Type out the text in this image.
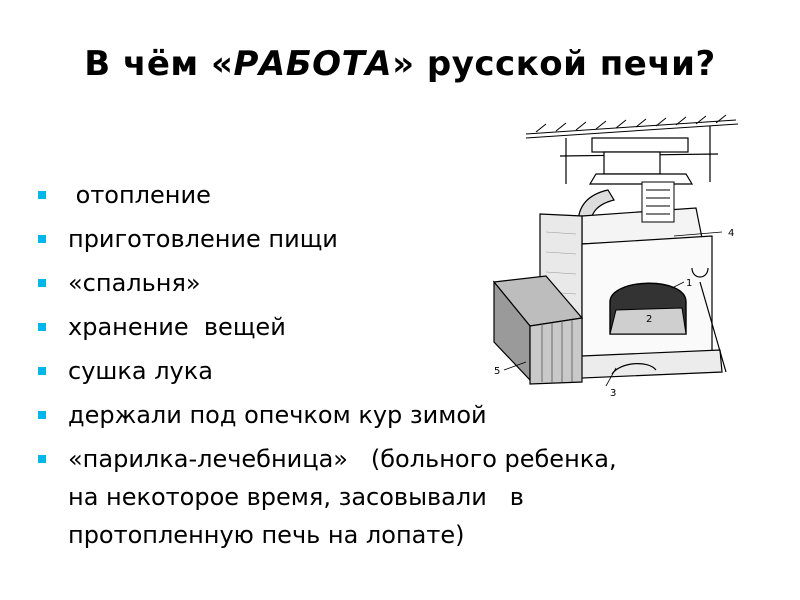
В чём «РАБОТА» русской печи?
1
2
3
4
5
отопление
приготовление пищи
«спальня»
хранение  вещей
сушка лука
держали под опечком кур зимой
«парилка-лечебница»   (больного ребенка,
на некоторое время, засовывали   в
протопленную печь на лопате)
